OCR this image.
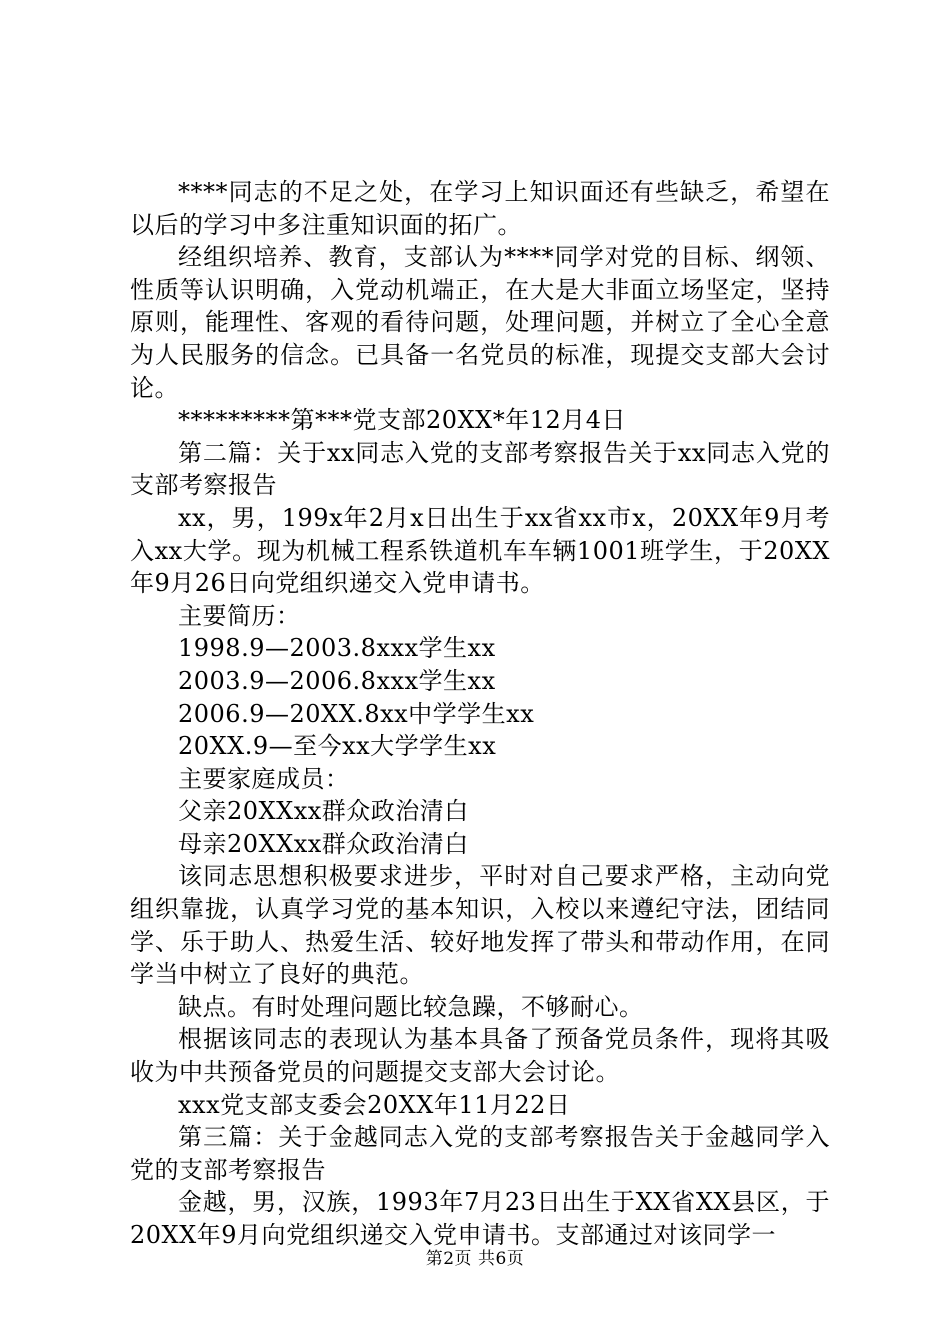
****同志的不足之处，在学习上知识面还有些缺乏，希望在以后的学习中多注重知识面的拓广。

经组织培养、教育，支部认为****同学对党的目标、纲领、性质等认识明确，入党动机端正，在大是大非面立场坚定，坚持原则，能理性、客观的看待问题，处理问题，并树立了全心全意为人民服务的信念。已具备一名党员的标准，现提交支部大会讨论。

*********第***党支部20XX*年12月4日

第二篇：关于xx同志入党的支部考察报告关于xx同志入党的支部考察报告

xx，男，199x年2月x日出生于xx省xx市x，20XX年9月考入xx大学。现为机械工程系铁道机车车辆1001班学生，于20XX年9月26日向党组织递交入党申请书。

主要简历：

1998.9—2003.8xxx学生xx

2003.9—2006.8xxx学生xx

2006.9—20XX.8xx中学学生xx

20XX.9—至今xx大学学生xx

主要家庭成员：

父亲20XXxx群众政治清白

母亲20XXxx群众政治清白

该同志思想积极要求进步，平时对自己要求严格，主动向党组织靠拢，认真学习党的基本知识，入校以来遵纪守法，团结同学、乐于助人、热爱生活、较好地发挥了带头和带动作用，在同学当中树立了良好的典范。

缺点。有时处理问题比较急躁，不够耐心。

根据该同志的表现认为基本具备了预备党员条件，现将其吸收为中共预备党员的问题提交支部大会讨论。

xxx党支部支委会20XX年11月22日

第三篇：关于金越同志入党的支部考察报告关于金越同学入党的支部考察报告

金越，男，汉族，1993年7月23日出生于XX省XX县区，于20XX年9月向党组织递交入党申请书。支部通过对该同学一

第2页 共6页
